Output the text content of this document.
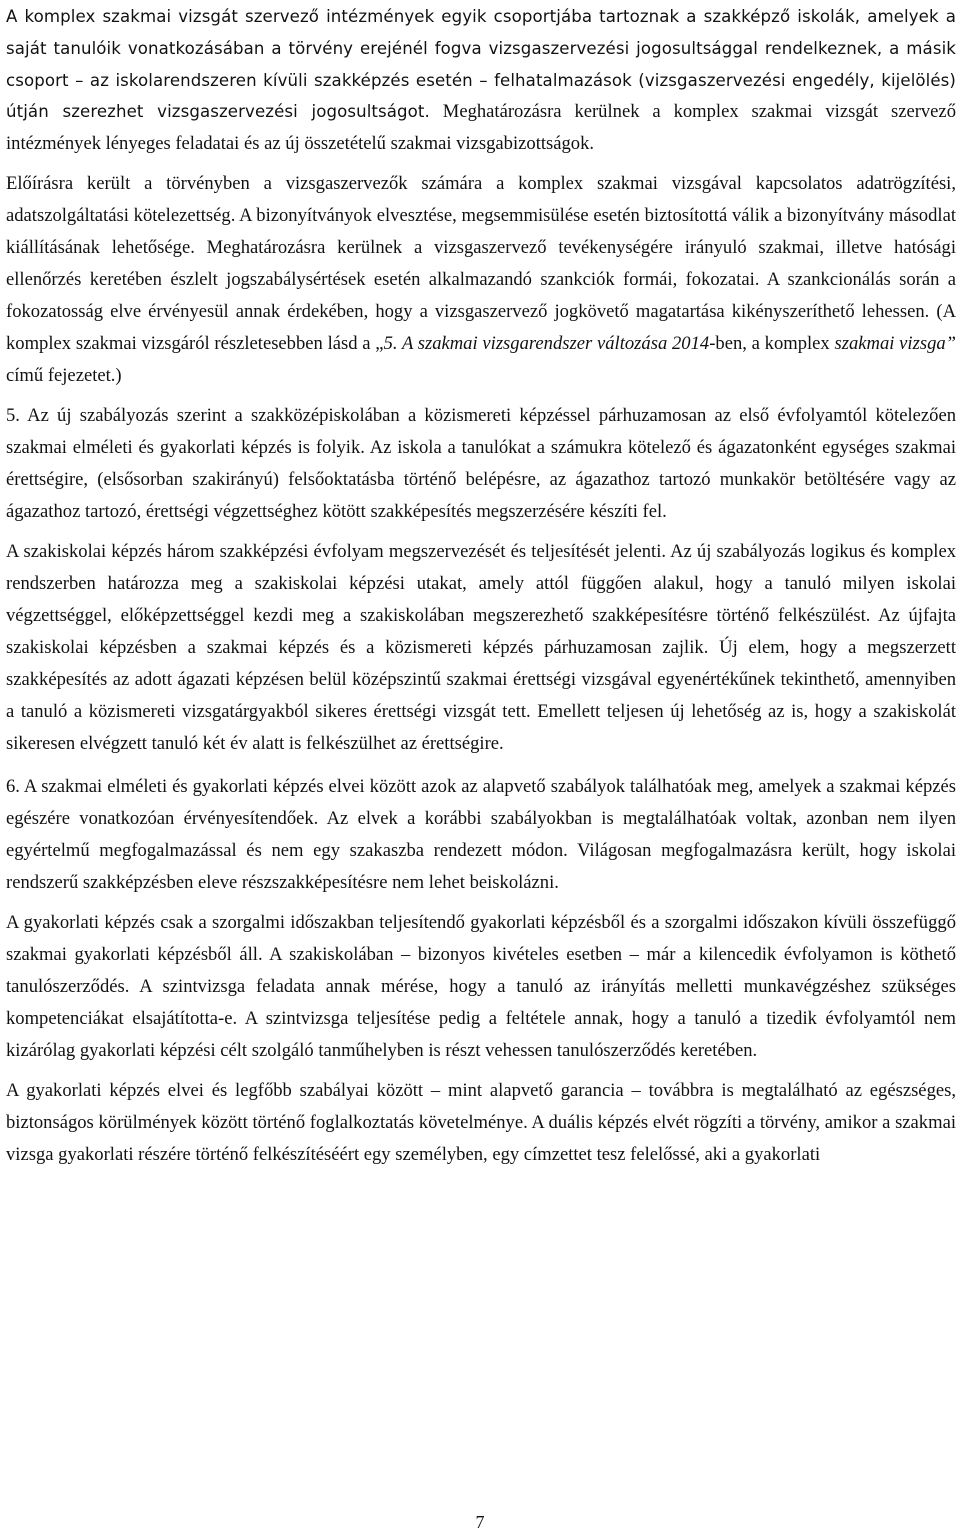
A komplex szakmai vizsgát szervező intézmények egyik csoportjába tartoznak a szakképző iskolák, amelyek a saját tanulóik vonatkozásában a törvény erejénél fogva vizsgaszervezési jogosultsággal rendelkeznek, a másik csoport – az iskolarendszeren kívüli szakképzés esetén – felhatalmazások (vizsgaszervezési engedély, kijelölés) útján szerezhet vizsgaszervezési jogosultságot. Meghatározásra kerülnek a komplex szakmai vizsgát szervező intézmények lényeges feladatai és az új összetételű szakmai vizsgabizottságok.

Előírásra került a törvényben a vizsgaszervezők számára a komplex szakmai vizsgával kapcsolatos adatrögzítési, adatszolgáltatási kötelezettség. A bizonyítványok elvesztése, megsemmisülése esetén biztosítottá válik a bizonyítvány másodlat kiállításának lehetősége. Meghatározásra kerülnek a vizsgaszervező tevékenységére irányuló szakmai, illetve hatósági ellenőrzés keretében észlelt jogszabálysértések esetén alkalmazandó szankciók formái, fokozatai. A szankcionálás során a fokozatosság elve érvényesül annak érdekében, hogy a vizsgaszervező jogkövető magatartása kikényszeríthető lehessen. (A komplex szakmai vizsgáról részletesebben lásd a „5. A szakmai vizsgarendszer változása 2014-ben, a komplex szakmai vizsga” című fejezetet.)

5. Az új szabályozás szerint a szakközépiskolában a közismereti képzéssel párhuzamosan az első évfolyamtól kötelezően szakmai elméleti és gyakorlati képzés is folyik. Az iskola a tanulókat a számukra kötelező és ágazatonként egységes szakmai érettségire, (elsősorban szakirányú) felsőoktatásba történő belépésre, az ágazathoz tartozó munkakör betöltésére vagy az ágazathoz tartozó, érettségi végzettséghez kötött szakképesítés megszerzésére készíti fel.

A szakiskolai képzés három szakképzési évfolyam megszervezését és teljesítését jelenti. Az új szabályozás logikus és komplex rendszerben határozza meg a szakiskolai képzési utakat, amely attól függően alakul, hogy a tanuló milyen iskolai végzettséggel, előképzettséggel kezdi meg a szakiskolában megszerezhető szakképesítésre történő felkészülést. Az újfajta szakiskolai képzésben a szakmai képzés és a közismereti képzés párhuzamosan zajlik. Új elem, hogy a megszerzett szakképesítés az adott ágazati képzésen belül középszintű szakmai érettségi vizsgával egyenértékűnek tekinthető, amennyiben a tanuló a közismereti vizsgatárgyakból sikeres érettségi vizsgát tett. Emellett teljesen új lehetőség az is, hogy a szakiskolát sikeresen elvégzett tanuló két év alatt is felkészülhet az érettségire.

6. A szakmai elméleti és gyakorlati képzés elvei között azok az alapvető szabályok találhatóak meg, amelyek a szakmai képzés egészére vonatkozóan érvényesítendőek. Az elvek a korábbi szabályokban is megtalálhatóak voltak, azonban nem ilyen egyértelmű megfogalmazással és nem egy szakaszba rendezett módon. Világosan megfogalmazásra került, hogy iskolai rendszerű szakképzésben eleve részszakképesítésre nem lehet beiskolázni.

A gyakorlati képzés csak a szorgalmi időszakban teljesítendő gyakorlati képzésből és a szorgalmi időszakon kívüli összefüggő szakmai gyakorlati képzésből áll. A szakiskolában – bizonyos kivételes esetben – már a kilencedik évfolyamon is köthető tanulószerződés. A szintvizsga feladata annak mérése, hogy a tanuló az irányítás melletti munkavégzéshez szükséges kompetenciákat elsajátította-e. A szintvizsga teljesítése pedig a feltétele annak, hogy a tanuló a tizedik évfolyamtól nem kizárólag gyakorlati képzési célt szolgáló tanműhelyben is részt vehessen tanulószerződés keretében.

A gyakorlati képzés elvei és legfőbb szabályai között – mint alapvető garancia – továbbra is megtalálható az egészséges, biztonságos körülmények között történő foglalkoztatás követelménye. A duális képzés elvét rögzíti a törvény, amikor a szakmai vizsga gyakorlati részére történő felkészítéséért egy személyben, egy címzettet tesz felelőssé, aki a gyakorlati

7
